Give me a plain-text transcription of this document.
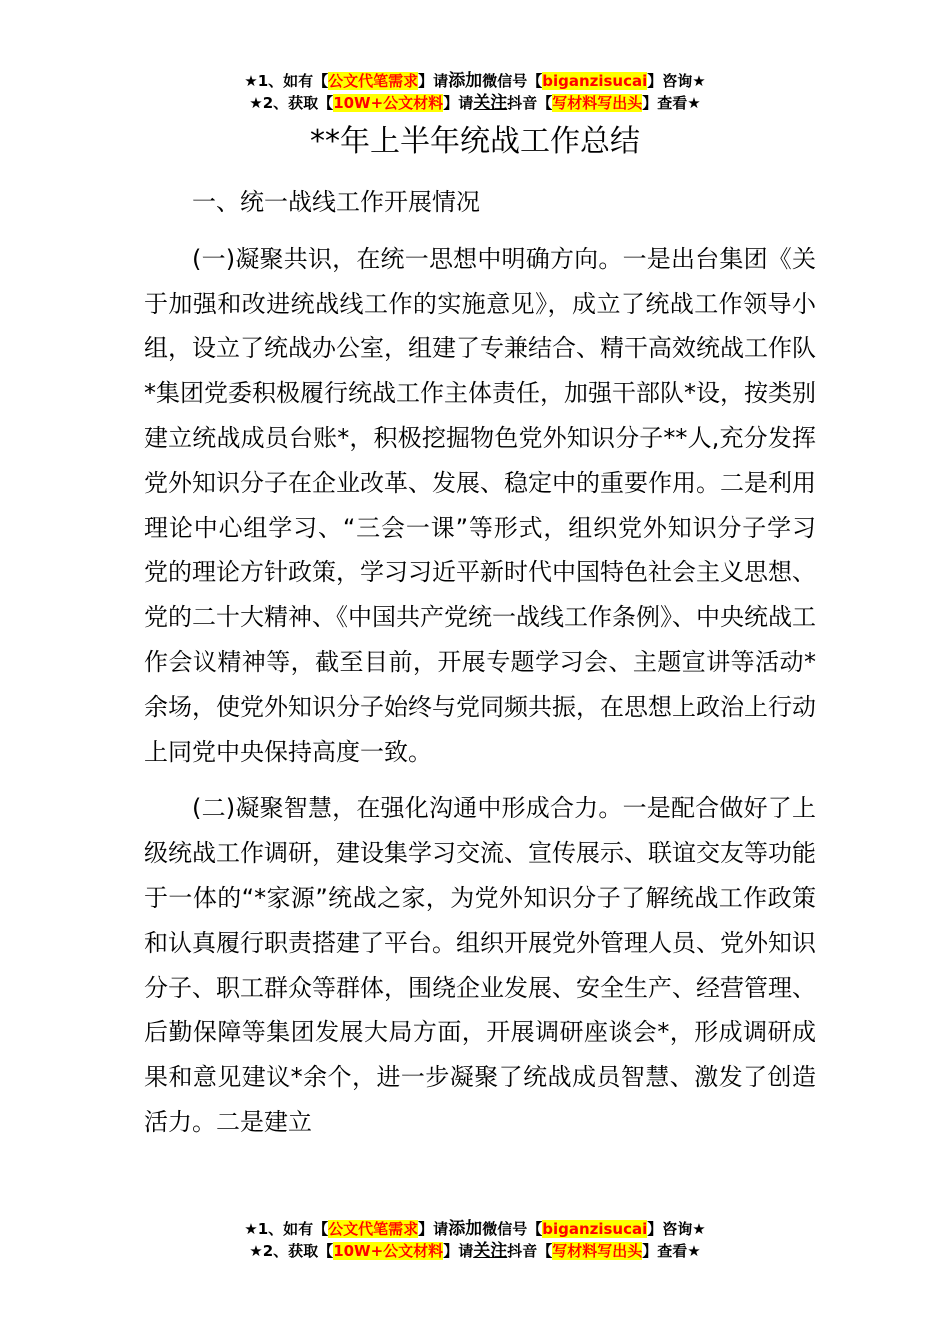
★1、如有【公文代笔需求】请添加微信号【biganzisucai】咨询★
★2、获取【10W+公文材料】请关注抖音【写材料写出头】查看★
**年上半年统战工作总结

一、统一战线工作开展情况

(一)凝聚共识，在统一思想中明确方向。一是出台集团《关于加强和改进统战线工作的实施意见》，成立了统战工作领导小组，设立了统战办公室，组建了专兼结合、精干高效统战工作队*集团党委积极履行统战工作主体责任，加强干部队*设，按类别建立统战成员台账*，积极挖掘物色党外知识分子**人,充分发挥党外知识分子在企业改革、发展、稳定中的重要作用。二是利用理论中心组学习、“三会一课”等形式，组织党外知识分子学习党的理论方针政策，学习习近平新时代中国特色社会主义思想、党的二十大精神、《中国共产党统一战线工作条例》、中央统战工作会议精神等，截至目前，开展专题学习会、主题宣讲等活动*余场，使党外知识分子始终与党同频共振，在思想上政治上行动上同党中央保持高度一致。

(二)凝聚智慧，在强化沟通中形成合力。一是配合做好了上级统战工作调研，建设集学习交流、宣传展示、联谊交友等功能于一体的“*家源”统战之家，为党外知识分子了解统战工作政策和认真履行职责搭建了平台。组织开展党外管理人员、党外知识分子、职工群众等群体，围绕企业发展、安全生产、经营管理、后勤保障等集团发展大局方面，开展调研座谈会*，形成调研成果和意见建议*余个，进一步凝聚了统战成员智慧、激发了创造活力。二是建立

★1、如有【公文代笔需求】请添加微信号【biganzisucai】咨询★
★2、获取【10W+公文材料】请关注抖音【写材料写出头】查看★
